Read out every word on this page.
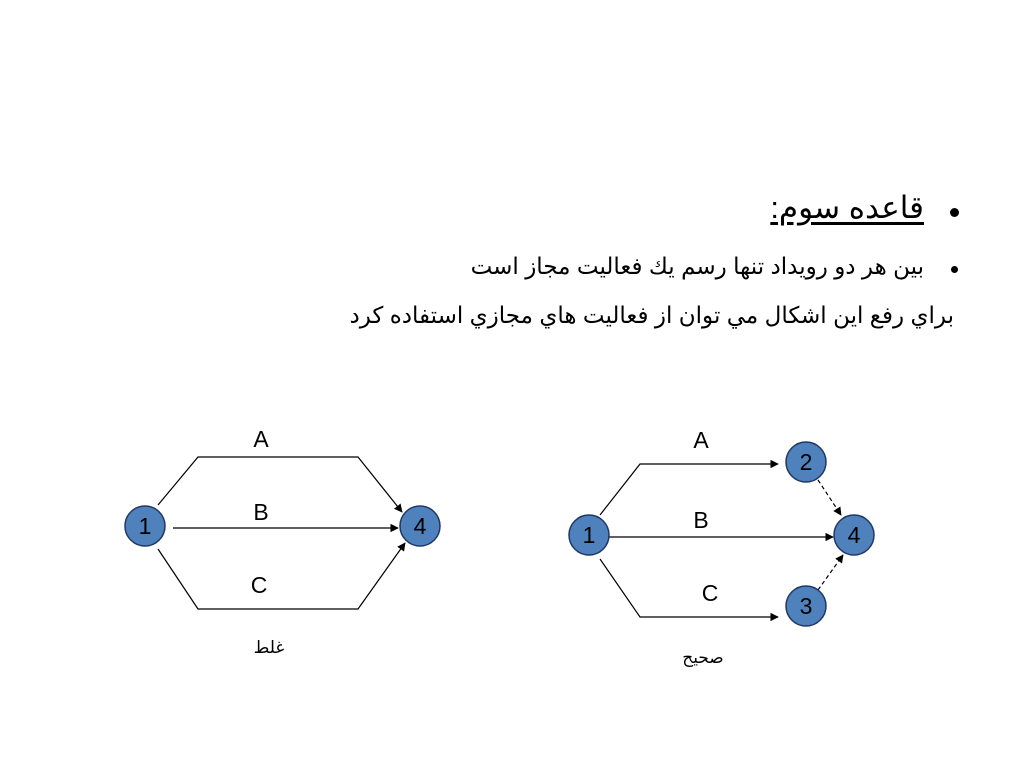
قاعده سوم:
بين هر دو رويداد تنها رسم يك فعاليت مجاز است
براي رفع اين اشكال مي توان از فعاليت هاي مجازي استفاده كرد
A
B
C
1	4
غلط
A
B
C
1
2
4
3
صحيح
